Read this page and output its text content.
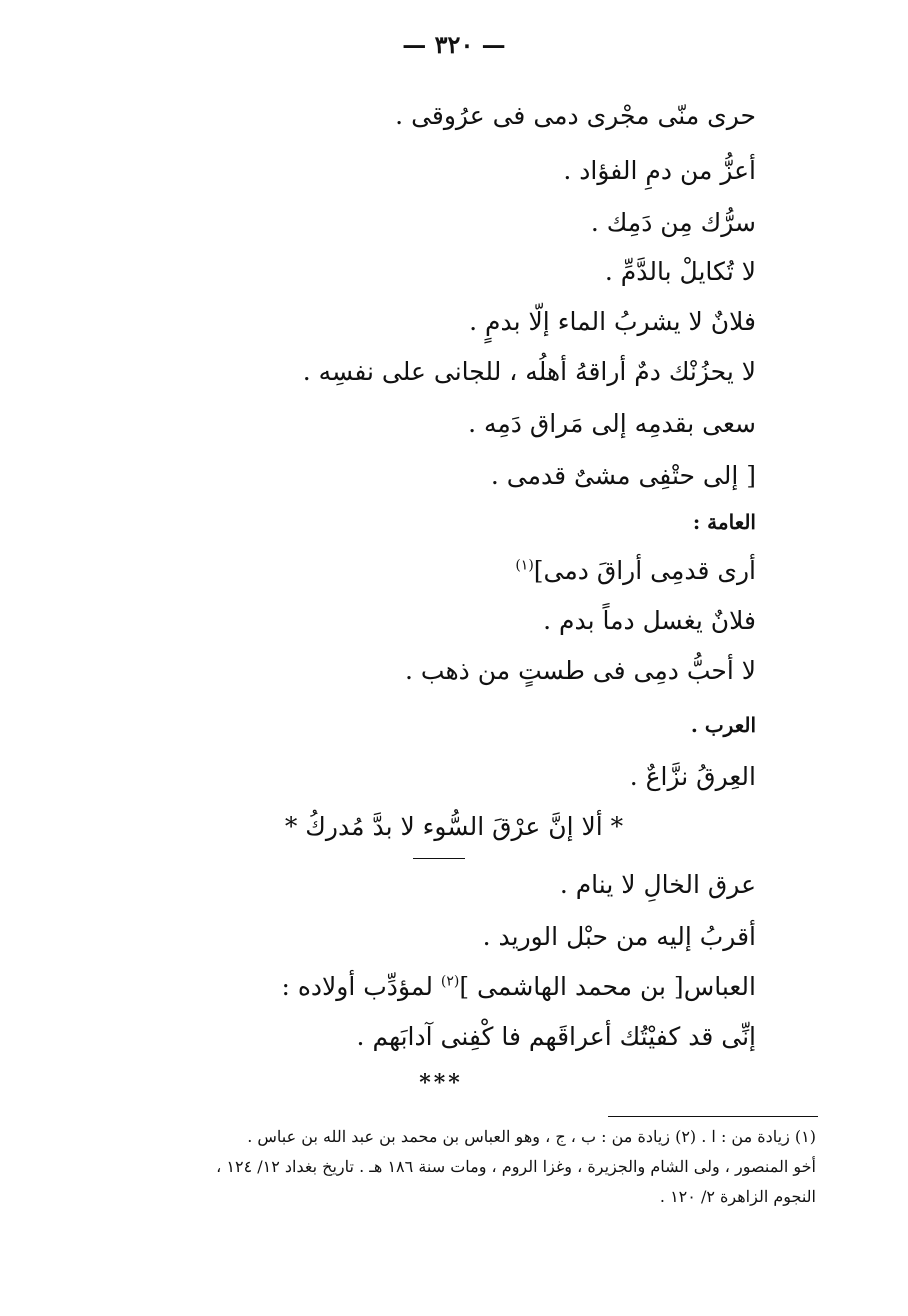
— ٣٢٠ —
حرى منّى مجْرى دمى فى عرُوقى .
أعزُّ من دمِ الفؤاد .
سرُّك مِن دَمِك .
لا تُكايلْ بالدَّمِّ .
فلانٌ لا يشربُ الماء إلّا بدمٍ .
لا يحزُنْك دمٌ أراقهُ أهلُه ، للجانى على نفسِه .
سعى بقدمِه إلى مَراق دَمِه .
[ إلى حتْفِى مشىٌ قدمى .
العامة :
أرى قدمِى أراقَ دمى]$^{(١)}$
فلانٌ يغسل دماً بدم .
لا أحبُّ دمِى فى طستٍ من ذهب .
العرب .
العِرقُ نزَّاعٌ .
* ألا إنَّ عرْقَ السُّوء لا بدَّ مُدركُ *
عرق الخالِ لا ينام .
أقربُ إليه من حبْل الوريد .
العباس[ بن محمد الهاشمى ]$^{(٢)}$ لمؤدِّب أولاده :
إنِّى قد كفيْتُك أعراقَهم فا كْفِنى آدابَهم .
***
(١) زيادة من : ا . (٢) زيادة من : ب ، ج ، وهو العباس بن محمد بن عبد الله بن عباس .
أخو المنصور ، ولى الشام والجزيرة ، وغزا الروم ، ومات سنة ١٨٦ هـ . تاريخ بغداد ١٢/ ١٢٤ ،
النجوم الزاهرة ٢/ ١٢٠ .
